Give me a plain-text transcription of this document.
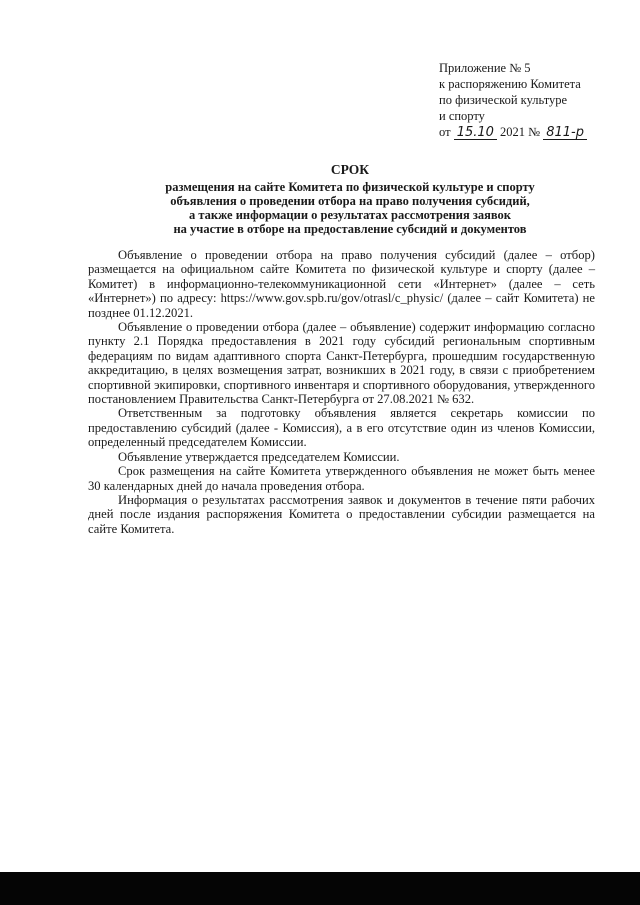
Приложение № 5
к распоряжению Комитета
по физической культуре
и спорту
от 15.10 2021 № 811-р
СРОК
размещения на сайте Комитета по физической культуре и спорту
объявления о проведении отбора на право получения субсидий,
а также информации о результатах рассмотрения заявок
на участие в отборе на предоставление субсидий и документов

Объявление о проведении отбора на право получения субсидий (далее – отбор) размещается на официальном сайте Комитета по физической культуре и спорту (далее – Комитет) в информационно-телекоммуникационной сети «Интернет» (далее – сеть «Интернет») по адресу: https://www.gov.spb.ru/gov/otrasl/c_physic/ (далее – сайт Комитета) не позднее 01.12.2021.

Объявление о проведении отбора (далее – объявление) содержит информацию согласно пункту 2.1 Порядка предоставления в 2021 году субсидий региональным спортивным федерациям по видам адаптивного спорта Санкт-Петербурга, прошедшим государственную аккредитацию, в целях возмещения затрат, возникших в 2021 году, в связи с приобретением спортивной экипировки, спортивного инвентаря и спортивного оборудования, утвержденного постановлением Правительства Санкт-Петербурга от 27.08.2021 № 632.

Ответственным за подготовку объявления является секретарь комиссии по предоставлению субсидий (далее - Комиссия), а в его отсутствие один из членов Комиссии, определенный председателем Комиссии.

Объявление утверждается председателем Комиссии.

Срок размещения на сайте Комитета утвержденного объявления не может быть менее 30 календарных дней до начала проведения отбора.

Информация о результатах рассмотрения заявок и документов в течение пяти рабочих дней после издания распоряжения Комитета о предоставлении субсидии размещается на сайте Комитета.
